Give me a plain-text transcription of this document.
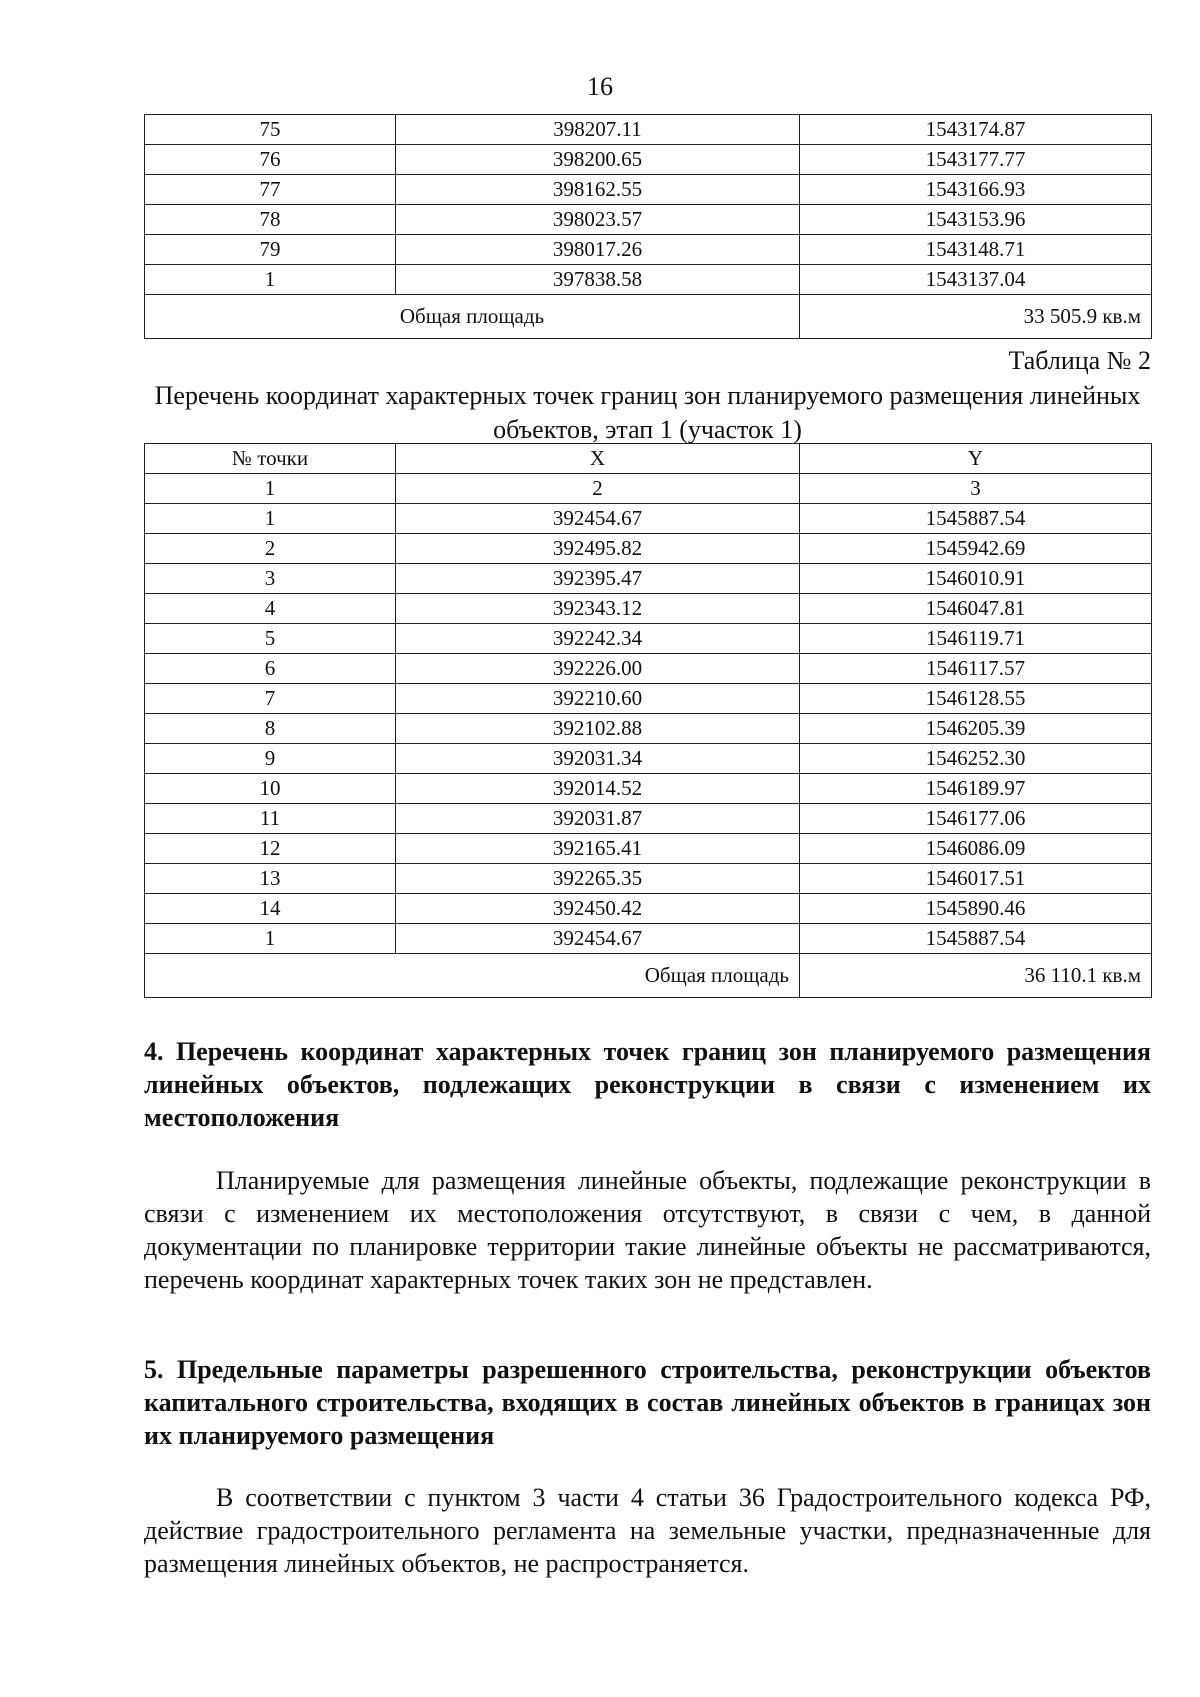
16
75	398207.11	1543174.87
76	398200.65	1543177.77
77	398162.55	1543166.93
78	398023.57	1543153.96
79	398017.26	1543148.71
1	397838.58	1543137.04
Общая площадь		33 505.9 кв.м
Таблица № 2
Перечень координат характерных точек границ зон планируемого размещения линейных объектов, этап 1 (участок 1)
№ точки	X	Y
1	2	3
1	392454.67	1545887.54
2	392495.82	1545942.69
3	392395.47	1546010.91
4	392343.12	1546047.81
5	392242.34	1546119.71
6	392226.00	1546117.57
7	392210.60	1546128.55
8	392102.88	1546205.39
9	392031.34	1546252.30
10	392014.52	1546189.97
11	392031.87	1546177.06
12	392165.41	1546086.09
13	392265.35	1546017.51
14	392450.42	1545890.46
1	392454.67	1545887.54
Общая площадь		36 110.1 кв.м
4. Перечень координат характерных точек границ зон планируемого размещения линейных объектов, подлежащих реконструкции в связи с изменением их местоположения
Планируемые для размещения линейные объекты, подлежащие реконструкции в связи с изменением их местоположения отсутствуют, в связи с чем, в данной документации по планировке территории такие линейные объекты не рассматриваются, перечень координат характерных точек таких зон не представлен.
5. Предельные параметры разрешенного строительства, реконструкции объектов капитального строительства, входящих в состав линейных объектов в границах зон их планируемого размещения
В соответствии с пунктом 3 части 4 статьи 36 Градостроительного кодекса РФ, действие градостроительного регламента на земельные участки, предназначенные для размещения линейных объектов, не распространяется.
